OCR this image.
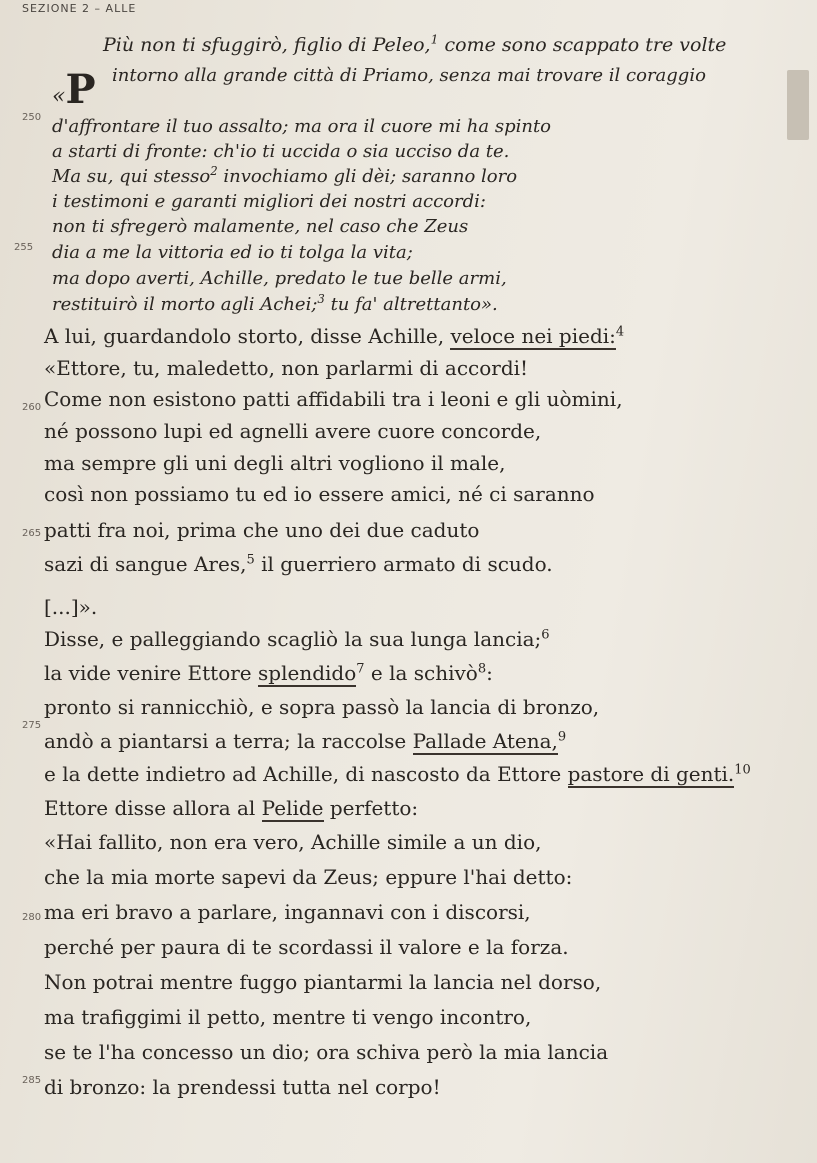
SEZIONE 2 – ALLE
250
255
260
265
275
280
285
Più non ti sfuggirò, figlio di Peleo,$^1$ come sono scappato tre volte
«P intorno alla grande città di Priamo, senza mai trovare il coraggio
d'affrontare il tuo assalto; ma ora il cuore mi ha spinto
a starti di fronte: ch'io ti uccida o sia ucciso da te.
Ma su, qui stesso$^2$ invochiamo gli dèi; saranno loro
i testimoni e garanti migliori dei nostri accordi:
non ti sfregerò malamente, nel caso che Zeus
dia a me la vittoria ed io ti tolga la vita;
ma dopo averti, Achille, predato le tue belle armi,
restituirò il morto agli Achei;$^3$ tu fa' altrettanto».
A lui, guardandolo storto, disse Achille, veloce nei piedi:$^4$
«Ettore, tu, maledetto, non parlarmi di accordi!
Come non esistono patti affidabili tra i leoni e gli uòmini,
né possono lupi ed agnelli avere cuore concorde,
ma sempre gli uni degli altri vogliono il male,
così non possiamo tu ed io essere amici, né ci saranno
patti fra noi, prima che uno dei due caduto
sazi di sangue Ares,$^5$ il guerriero armato di scudo.
[...]».
Disse, e palleggiando scagliò la sua lunga lancia;$^6$
la vide venire Ettore splendido$^7$ e la schivò$^8$:
pronto si rannicchiò, e sopra passò la lancia di bronzo,
andò a piantarsi a terra; la raccolse Pallade Atena,$^9$
e la dette indietro ad Achille, di nascosto da Ettore pastore di genti.$^{10}$
Ettore disse allora al Pelide perfetto:
«Hai fallito, non era vero, Achille simile a un dio,
che la mia morte sapevi da Zeus; eppure l'hai detto:
ma eri bravo a parlare, ingannavi con i discorsi,
perché per paura di te scordassi il valore e la forza.
Non potrai mentre fuggo piantarmi la lancia nel dorso,
ma trafiggimi il petto, mentre ti vengo incontro,
se te l'ha concesso un dio; ora schiva però la mia lancia
di bronzo: la prendessi tutta nel corpo!
